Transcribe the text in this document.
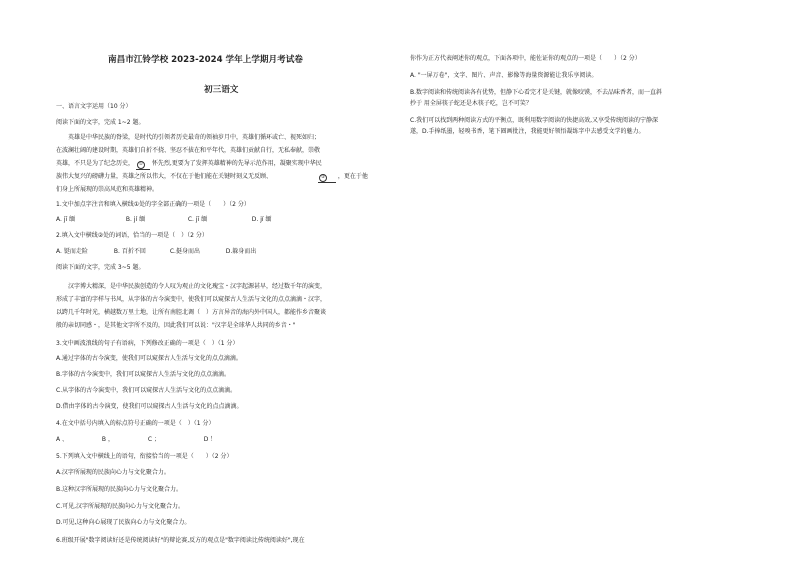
南昌市江铃学校 2023-2024 学年上学期月考试卷
初三语文
一、语言文字运用（10 分）
阅读下面的文字，完成 1~2 题。
英雄是中华民族的脊梁，是时代的引领者历史最奇的领袖岁月中，英雄们循环或亡、视死如归；
在波澜壮阔的建设时期，英雄们自折不挠、坚忍不拔在和平年代，英雄们贡献自行，无私奉献，崇敬
英雄，不只是为了纪念历史， ① 怀先烈,更要为了发挥英雄精神的先导示范作用，凝聚实现中华民
族伟大复兴的磅礴力量，英雄之所以伟大，不仅在于他们能在关键时刻义无反顾、	② ，更在于他
们身上所展现的崇高风范和英雄精神。
1.文中加点字注音和填入横线①处的字全部正确的一项是（　　）（2 分）
A. jī 缅	B. jí 缅	C. jī 缅	D. jí 缅
2.填入文中横线②处的词语，恰当的一项是（　）（2 分）
A. 铤而走险	B. 百折不回	C.挺身而出	D.躲身而出
阅读下面的文字，完成 3~5 题。
汉字博大精深，是中华民族创造的令人叹为观止的文化瑰宝・汉字起源甚早，经过数千年的演变，
形成了丰富的字样与书风，从字体的古今演变中，使我们可以窥探古人生活与文化的点点滴滴・汉字，
以跨几千年时光，横越数万里土地，让所有南腔北调（　）方言异音的海内外中国人，都能作乡音聚谈
般的亲切同感・，是其他文字所不及的，因此我们可以说："汉字是全球华人共同的乡音・"
3.文中画波浪线的句子有语病，下列修改正确的一项是（　）（1 分）
A.通过字体的古今演变，使我们可以窥探古人生活与文化的点点滴滴。
B.字体的古今演变中，我们可以窥探古人生活与文化的点点滴滴。
C.从字体的古今演变中，我们可以窥探古人生活与文化的点点滴滴。
D.借由字体的古今演变，使我们可以窥探古人生活与文化的点点滴滴。
4.在文中括号内填入的标点符号正确的一项是（　）（1 分）
A 、	B ，	C ；	D ！
5.下列填入文中横线上的语句，衔接恰当的一项是（　　）（2 分）
A.汉字所展现的民族向心力与文化聚合力。
B.这种汉字所展现的民族向心力与文化聚合力。
C.可见,汉字所展现的民族向心力与文化聚合力。
D.可见,这种向心展现了民族向心力与文化聚合力。
6.班级开展"数字阅读好还是传统阅读好"的辩论赛,反方的观点是"数字阅读比传统阅读好",现在
你作为正方代表阐述你的观点，下面各项中，能佐证你的观点的一项是（　　）（2 分）
A. "一屏万卷"，文字、图片、声音、影像等海量资源能让我乐享阅读。
B.数字阅读和传统阅读各有优势，但静下心看完才是关键，就像咬馍，不去品味香者，而一直斜
抄于 用全屏筷子蛇还是木筷子吃，岂不可笑？
C.我们可以找到两种阅读方式的平衡点，既利用数字阅读的快捷高效,又享受传统阅读的宁静深
遂，D.手捧纸墨，轻嗅书香，笔下圈画批注，我能更好领悟凝练字中去感受文学的魅力。
